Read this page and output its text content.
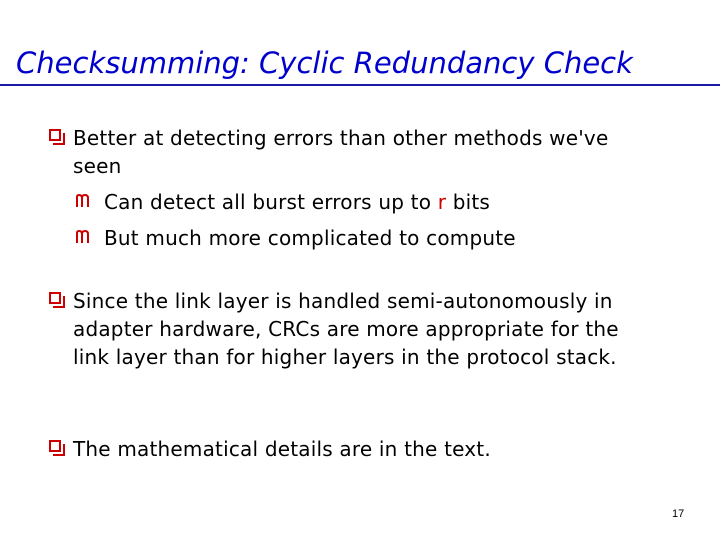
Checksumming: Cyclic Redundancy Check
Better at detecting errors than other methods we've seen
Can detect all burst errors up to r bits
But much more complicated to compute
Since the link layer is handled semi-autonomously in adapter hardware, CRCs are more appropriate for the link layer than for higher layers in the protocol stack.
The mathematical details are in the text.
17
